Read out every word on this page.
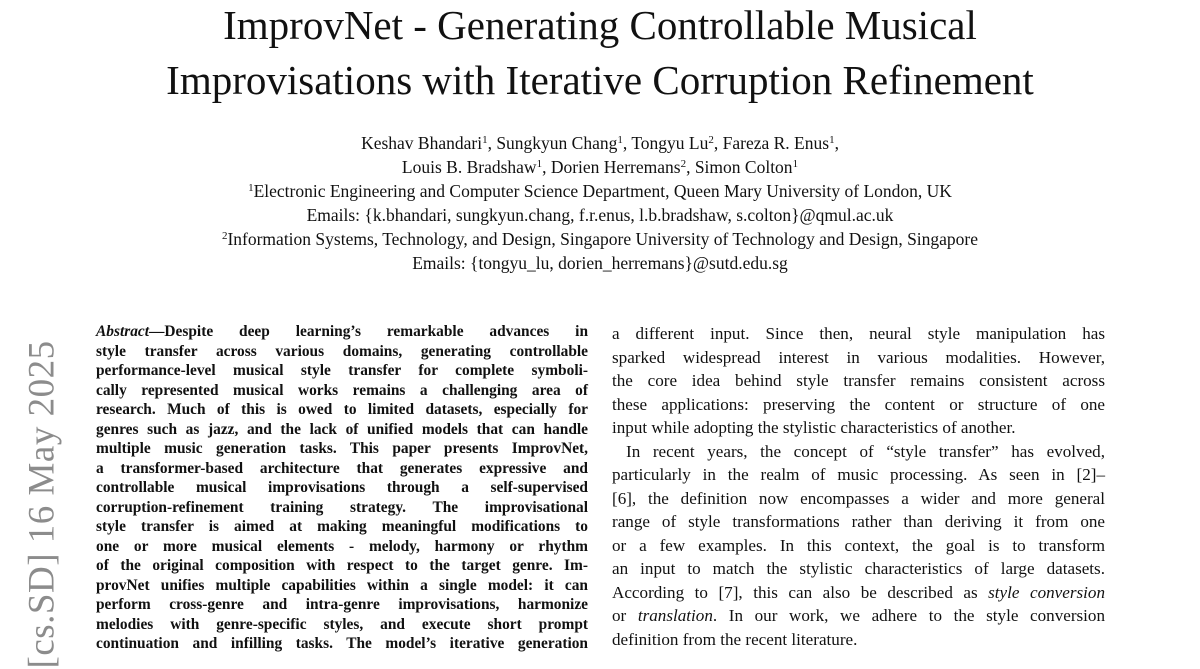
ImprovNet - Generating Controllable Musical
Improvisations with Iterative Corruption Refinement
Keshav Bhandari$^1$, Sungkyun Chang$^1$, Tongyu Lu$^2$, Fareza R. Enus$^1$,
Louis B. Bradshaw$^1$, Dorien Herremans$^2$, Simon Colton$^1$
$^1$Electronic Engineering and Computer Science Department, Queen Mary University of London, UK
Emails: {k.bhandari, sungkyun.chang, f.r.enus, l.b.bradshaw, s.colton}@qmul.ac.uk
$^2$Information Systems, Technology, and Design, Singapore University of Technology and Design, Singapore
Emails: {tongyu_lu, dorien_herremans}@sutd.edu.sg
[cs.SD] 16 May 2025
Abstract—Despite deep learning’s remarkable advances in
style transfer across various domains, generating controllable
performance-level musical style transfer for complete symboli-
cally represented musical works remains a challenging area of
research. Much of this is owed to limited datasets, especially for
genres such as jazz, and the lack of unified models that can handle
multiple music generation tasks. This paper presents ImprovNet,
a transformer-based architecture that generates expressive and
controllable musical improvisations through a self-supervised
corruption-refinement training strategy. The improvisational
style transfer is aimed at making meaningful modifications to
one or more musical elements - melody, harmony or rhythm
of the original composition with respect to the target genre. Im-
provNet unifies multiple capabilities within a single model: it can
perform cross-genre and intra-genre improvisations, harmonize
melodies with genre-specific styles, and execute short prompt
continuation and infilling tasks. The model’s iterative generation
a different input. Since then, neural style manipulation has
sparked widespread interest in various modalities. However,
the core idea behind style transfer remains consistent across
these applications: preserving the content or structure of one
input while adopting the stylistic characteristics of another.
In recent years, the concept of “style transfer” has evolved,
particularly in the realm of music processing. As seen in [2]–
[6], the definition now encompasses a wider and more general
range of style transformations rather than deriving it from one
or a few examples. In this context, the goal is to transform
an input to match the stylistic characteristics of large datasets.
According to [7], this can also be described as style conversion
or translation. In our work, we adhere to the style conversion
definition from the recent literature.
